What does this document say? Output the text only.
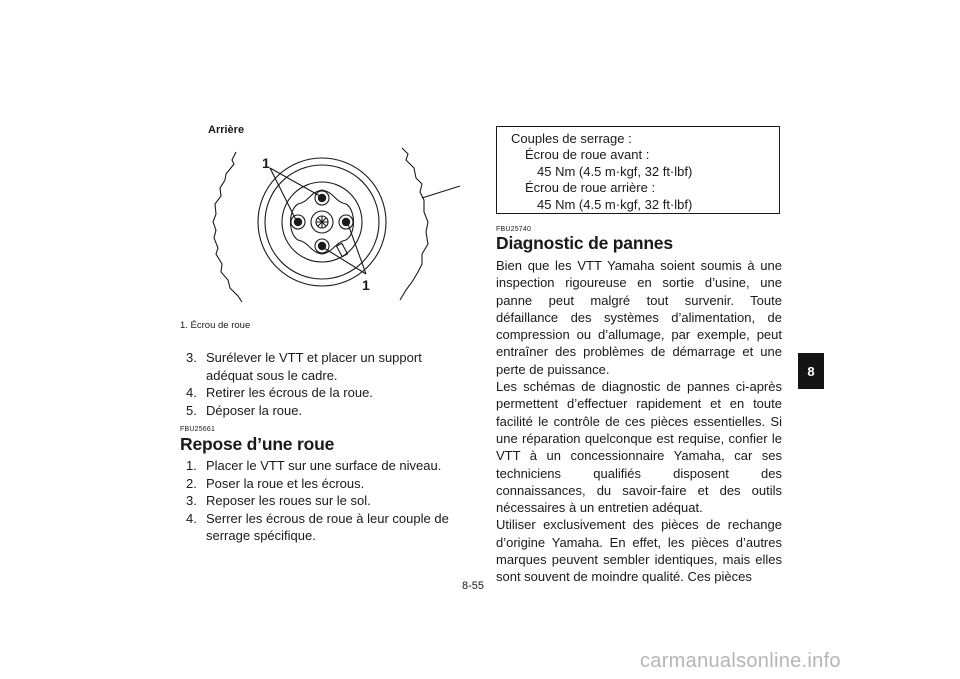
Arrière
1
1
1. Écrou de roue
3. Surélever le VTT et placer un support adéquat sous le cadre.
4. Retirer les écrous de la roue.
5. Déposer la roue.
FBU25661
Repose d’une roue
1. Placer le VTT sur une surface de niveau.
2. Poser la roue et les écrous.
3. Reposer les roues sur le sol.
4. Serrer les écrous de roue à leur couple de serrage spécifique.
Couples de serrage :
Écrou de roue avant :
45 Nm (4.5 m·kgf, 32 ft·lbf)
Écrou de roue arrière :
45 Nm (4.5 m·kgf, 32 ft·lbf)
FBU25740
Diagnostic de pannes

Bien que les VTT Yamaha soient soumis à une inspection rigoureuse en sortie d’usine, une panne peut malgré tout survenir. Toute défaillance des systèmes d’alimentation, de compression ou d’allumage, par exemple, peut entraîner des problèmes de démarrage et une perte de puissance.

Les schémas de diagnostic de pannes ci-après permettent d’effectuer rapidement et en toute facilité le contrôle de ces pièces essentielles. Si une réparation quelconque est requise, confier le VTT à un concessionnaire Yamaha, car ses techniciens qualifiés disposent des connaissances, du savoir-faire et des outils nécessaires à un entretien adéquat.

Utiliser exclusivement des pièces de rechange d’origine Yamaha. En effet, les pièces d’autres marques peuvent sembler identiques, mais elles sont souvent de moindre qualité. Ces pièces

8-55
8
carmanualsonline.info
